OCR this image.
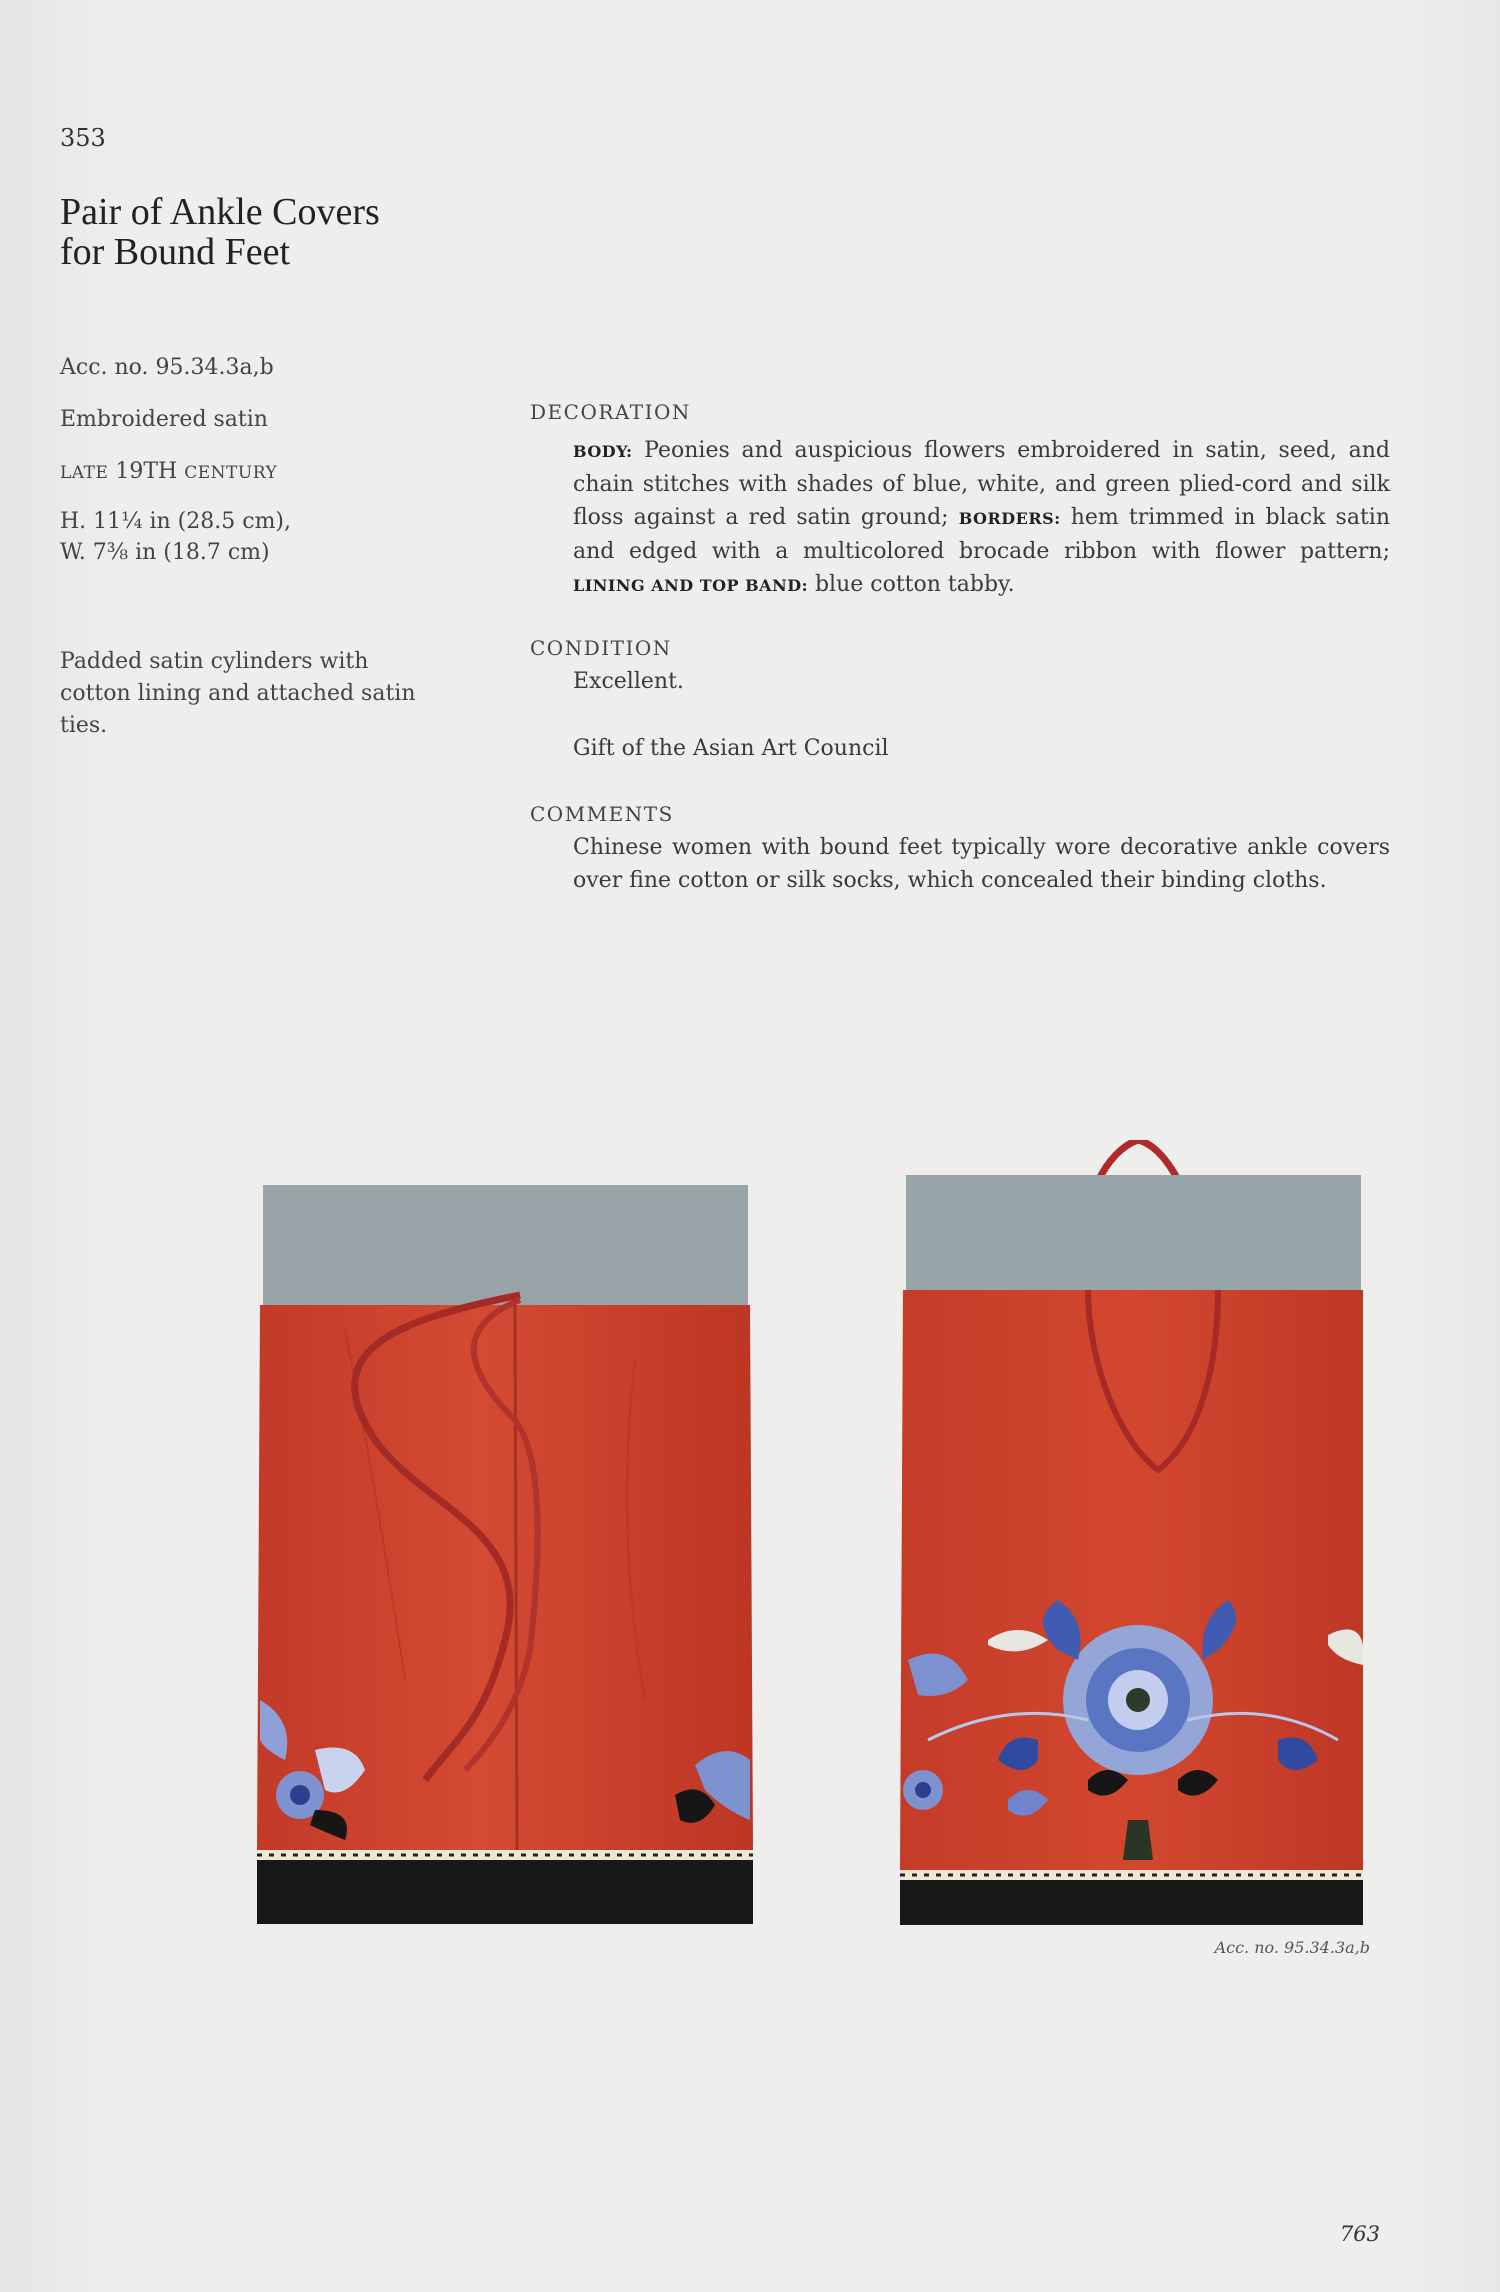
353
Pair of Ankle Covers for Bound Feet
Acc. no. 95.34.3a,b
Embroidered satin
LATE 19TH CENTURY
H. 11¼ in (28.5 cm),
W. 7⅜ in (18.7 cm)
Padded satin cylinders with cotton lining and attached satin ties.
DECORATION
BODY: Peonies and auspicious flowers embroidered in satin, seed, and chain stitches with shades of blue, white, and green plied-cord and silk floss against a red satin ground; BORDERS: hem trimmed in black satin and edged with a multicolored brocade ribbon with flower pattern; LINING AND TOP BAND: blue cotton tabby.
CONDITION
Excellent.
Gift of the Asian Art Council
COMMENTS
Chinese women with bound feet typically wore decorative ankle covers over fine cotton or silk socks, which concealed their binding cloths.
Acc. no. 95.34.3a,b
763
